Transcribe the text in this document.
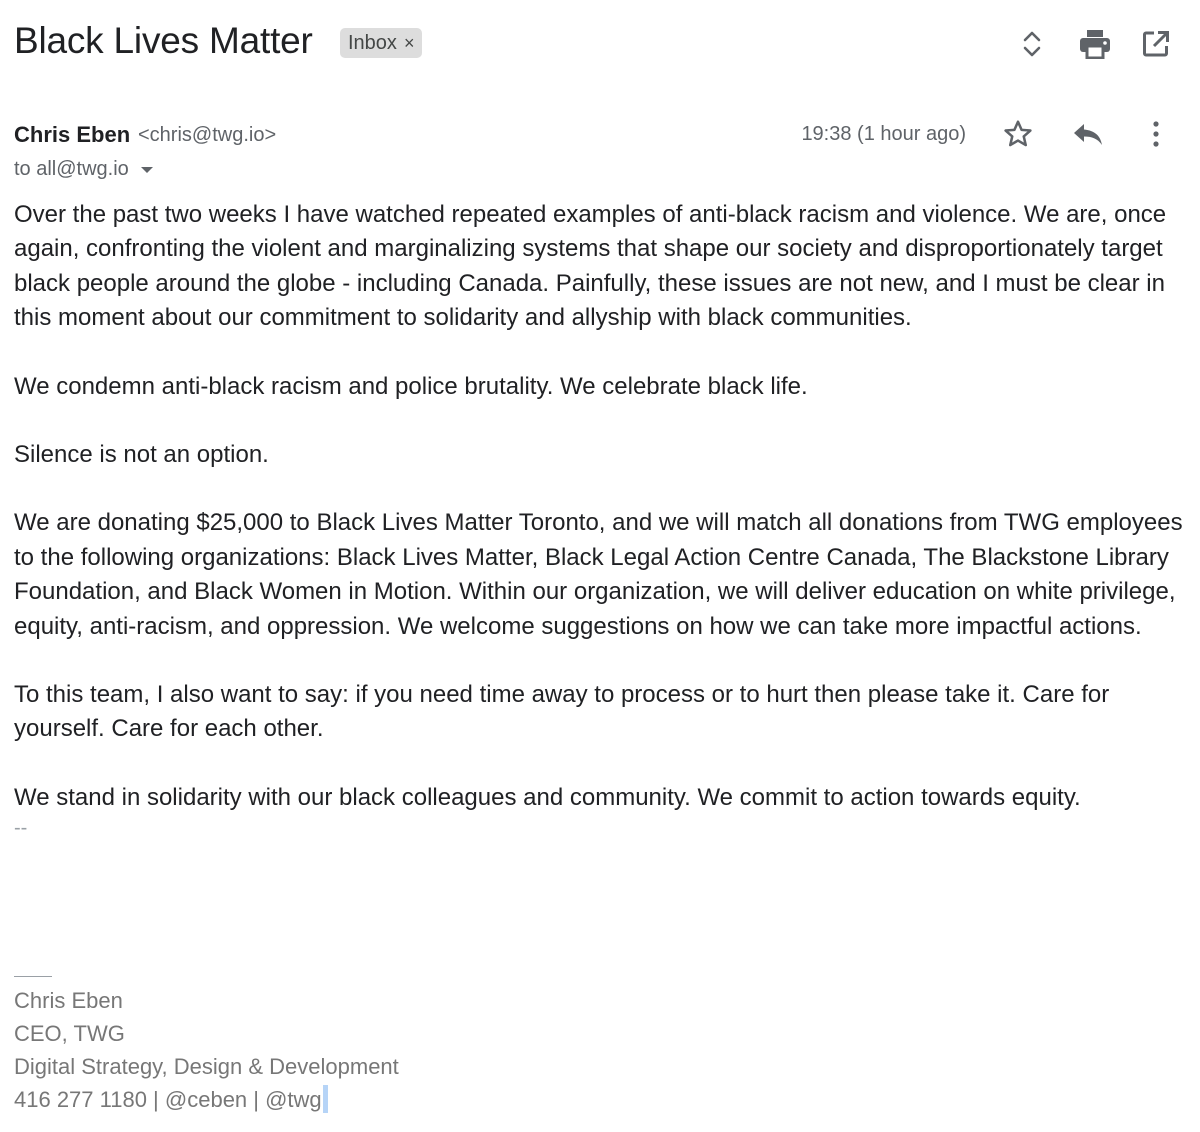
Black Lives Matter Inbox ×
Chris Eben <chris@twg.io>	19:38 (1 hour ago)
to all@twg.io

Over the past two weeks I have watched repeated examples of anti-black racism and violence. We are, once again, confronting the violent and marginalizing systems that shape our society and disproportionately target black people around the globe - including Canada. Painfully, these issues are not new, and I must be clear in this moment about our commitment to solidarity and allyship with black communities.

We condemn anti-black racism and police brutality. We celebrate black life.

Silence is not an option.

We are donating $25,000 to Black Lives Matter Toronto, and we will match all donations from TWG employees to the following organizations: Black Lives Matter, Black Legal Action Centre Canada, The Blackstone Library Foundation, and Black Women in Motion. Within our organization, we will deliver education on white privilege, equity, anti-racism, and oppression. We welcome suggestions on how we can take more impactful actions.

To this team, I also want to say: if you need time away to process or to hurt then please take it. Care for yourself. Care for each other.

We stand in solidarity with our black colleagues and community. We commit to action towards equity.

--
Chris Eben
CEO, TWG
Digital Strategy, Design & Development
416 277 1180 | @ceben | @twg
